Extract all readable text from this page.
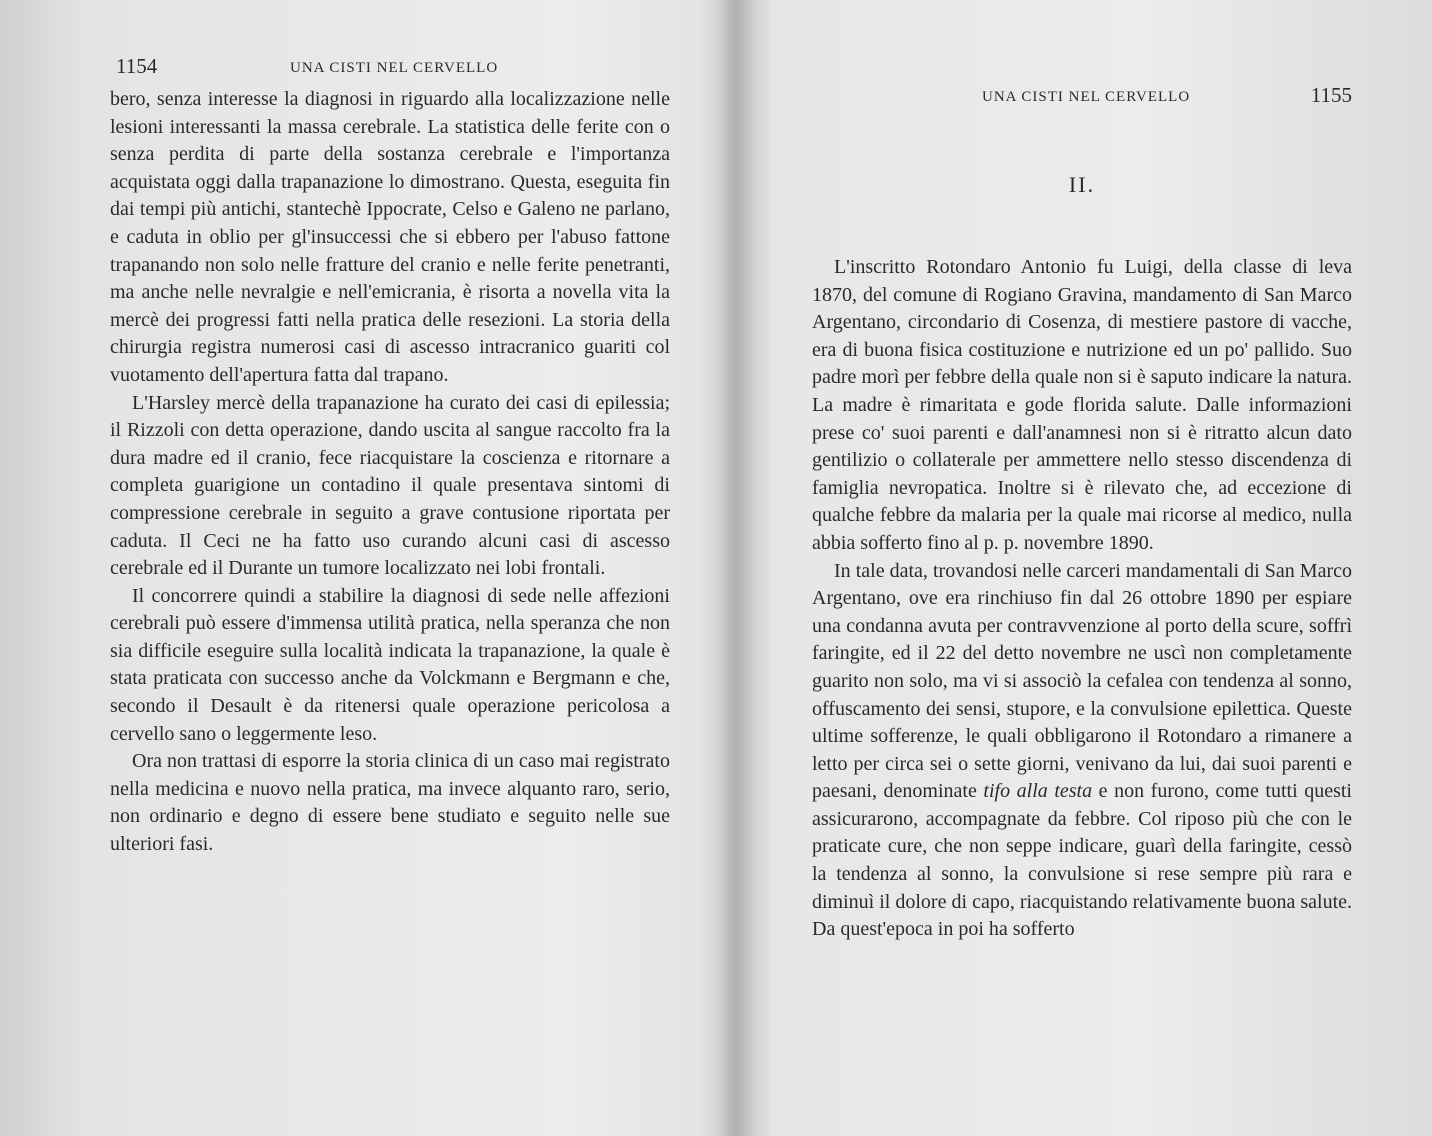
1154	UNA CISTI NEL CERVELLO

bero, senza interesse la diagnosi in riguardo alla localizzazione nelle lesioni interessanti la massa cerebrale. La statistica delle ferite con o senza perdita di parte della sostanza cerebrale e l'importanza acquistata oggi dalla trapanazione lo dimostrano. Questa, eseguita fin dai tempi più antichi, stantechè Ippocrate, Celso e Galeno ne parlano, e caduta in oblio per gl'insuccessi che si ebbero per l'abuso fattone trapanando non solo nelle fratture del cranio e nelle ferite penetranti, ma anche nelle nevralgie e nell'emicrania, è risorta a novella vita la mercè dei progressi fatti nella pratica delle resezioni. La storia della chirurgia registra numerosi casi di ascesso intracranico guariti col vuotamento dell'apertura fatta dal trapano.

L'Harsley mercè della trapanazione ha curato dei casi di epilessia; il Rizzoli con detta operazione, dando uscita al sangue raccolto fra la dura madre ed il cranio, fece riacquistare la coscienza e ritornare a completa guarigione un contadino il quale presentava sintomi di compressione cerebrale in seguito a grave contusione riportata per caduta. Il Ceci ne ha fatto uso curando alcuni casi di ascesso cerebrale ed il Durante un tumore localizzato nei lobi frontali.

Il concorrere quindi a stabilire la diagnosi di sede nelle affezioni cerebrali può essere d'immensa utilità pratica, nella speranza che non sia difficile eseguire sulla località indicata la trapanazione, la quale è stata praticata con successo anche da Volckmann e Bergmann e che, secondo il Desault è da ritenersi quale operazione pericolosa a cervello sano o leggermente leso.

Ora non trattasi di esporre la storia clinica di un caso mai registrato nella medicina e nuovo nella pratica, ma invece alquanto raro, serio, non ordinario e degno di essere bene studiato e seguito nelle sue ulteriori fasi.

UNA CISTI NEL CERVELLO	1155
II.

L'inscritto Rotondaro Antonio fu Luigi, della classe di leva 1870, del comune di Rogiano Gravina, mandamento di San Marco Argentano, circondario di Cosenza, di mestiere pastore di vacche, era di buona fisica costituzione e nutrizione ed un po' pallido. Suo padre morì per febbre della quale non si è saputo indicare la natura. La madre è rimaritata e gode florida salute. Dalle informazioni prese co' suoi parenti e dall'anamnesi non si è ritratto alcun dato gentilizio o collaterale per ammettere nello stesso discendenza di famiglia nevropatica. Inoltre si è rilevato che, ad eccezione di qualche febbre da malaria per la quale mai ricorse al medico, nulla abbia sofferto fino al p. p. novembre 1890.

In tale data, trovandosi nelle carceri mandamentali di San Marco Argentano, ove era rinchiuso fin dal 26 ottobre 1890 per espiare una condanna avuta per contravvenzione al porto della scure, soffrì faringite, ed il 22 del detto novembre ne uscì non completamente guarito non solo, ma vi si associò la cefalea con tendenza al sonno, offuscamento dei sensi, stupore, e la convulsione epilettica. Queste ultime sofferenze, le quali obbligarono il Rotondaro a rimanere a letto per circa sei o sette giorni, venivano da lui, dai suoi parenti e paesani, denominate tifo alla testa e non furono, come tutti questi assicurarono, accompagnate da febbre. Col riposo più che con le praticate cure, che non seppe indicare, guarì della faringite, cessò la tendenza al sonno, la convulsione si rese sempre più rara e diminuì il dolore di capo, riacquistando relativamente buona salute. Da quest'epoca in poi ha sofferto
